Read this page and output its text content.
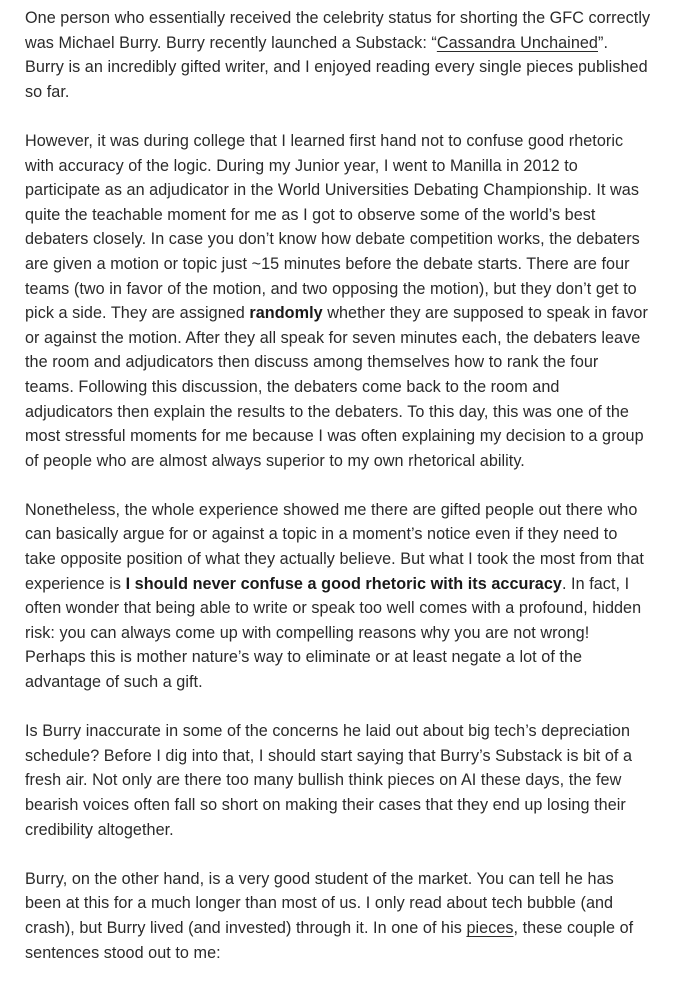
One person who essentially received the celebrity status for shorting the GFC correctly was Michael Burry. Burry recently launched a Substack: “Cassandra Unchained”. Burry is an incredibly gifted writer, and I enjoyed reading every single pieces published so far.

However, it was during college that I learned first hand not to confuse good rhetoric with accuracy of the logic. During my Junior year, I went to Manilla in 2012 to participate as an adjudicator in the World Universities Debating Championship. It was quite the teachable moment for me as I got to observe some of the world’s best debaters closely. In case you don’t know how debate competition works, the debaters are given a motion or topic just ~15 minutes before the debate starts. There are four teams (two in favor of the motion, and two opposing the motion), but they don’t get to pick a side. They are assigned randomly whether they are supposed to speak in favor or against the motion. After they all speak for seven minutes each, the debaters leave the room and adjudicators then discuss among themselves how to rank the four teams. Following this discussion, the debaters come back to the room and adjudicators then explain the results to the debaters. To this day, this was one of the most stressful moments for me because I was often explaining my decision to a group of people who are almost always superior to my own rhetorical ability.

Nonetheless, the whole experience showed me there are gifted people out there who can basically argue for or against a topic in a moment’s notice even if they need to take opposite position of what they actually believe. But what I took the most from that experience is I should never confuse a good rhetoric with its accuracy. In fact, I often wonder that being able to write or speak too well comes with a profound, hidden risk: you can always come up with compelling reasons why you are not wrong! Perhaps this is mother nature’s way to eliminate or at least negate a lot of the advantage of such a gift.

Is Burry inaccurate in some of the concerns he laid out about big tech’s depreciation schedule? Before I dig into that, I should start saying that Burry’s Substack is bit of a fresh air. Not only are there too many bullish think pieces on AI these days, the few bearish voices often fall so short on making their cases that they end up losing their credibility altogether.

Burry, on the other hand, is a very good student of the market. You can tell he has been at this for a much longer than most of us. I only read about tech bubble (and crash), but Burry lived (and invested) through it. In one of his pieces, these couple of sentences stood out to me:
